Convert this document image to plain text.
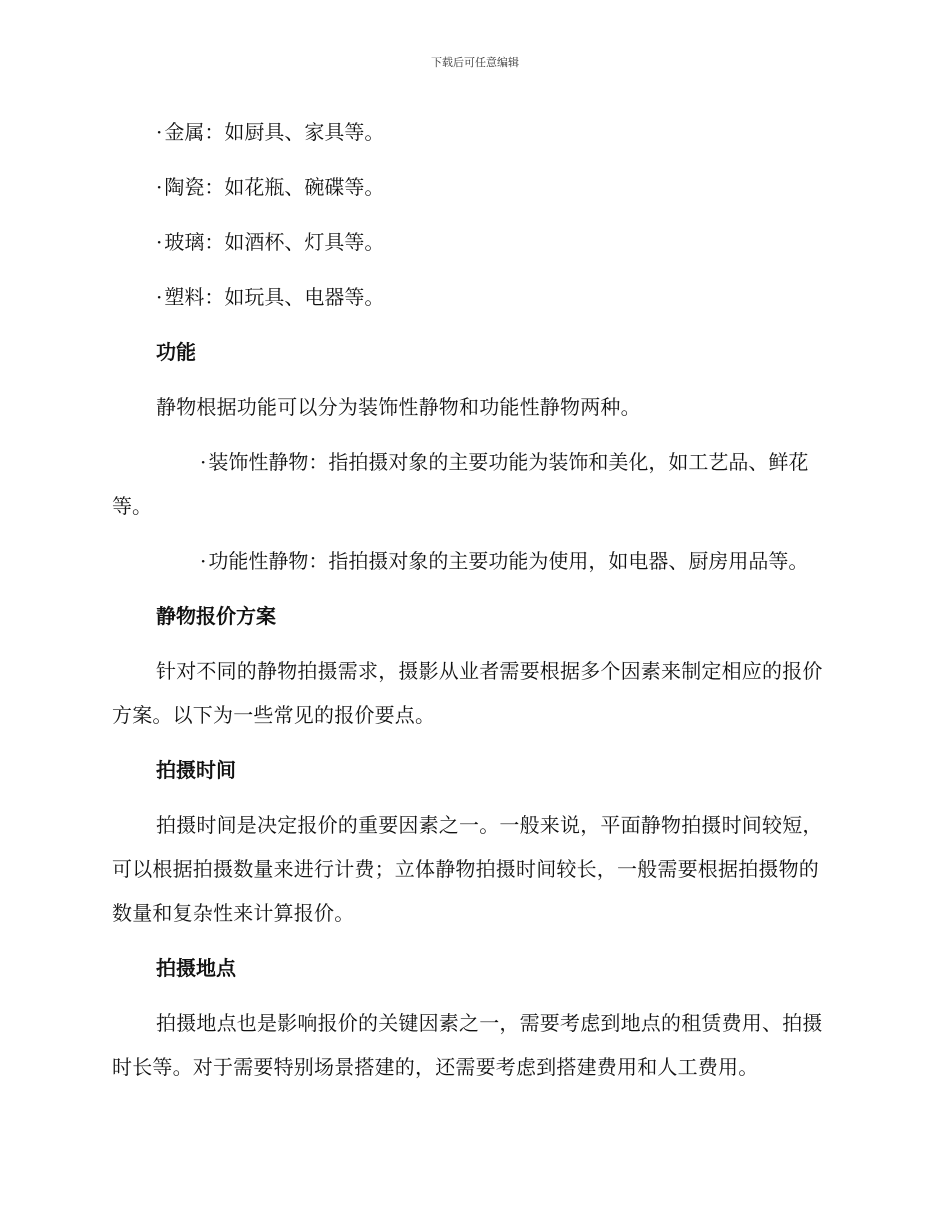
下载后可任意编辑
· 金属：如厨具、家具等。
· 陶瓷：如花瓶、碗碟等。
· 玻璃：如酒杯、灯具等。
· 塑料：如玩具、电器等。
功能
静物根据功能可以分为装饰性静物和功能性静物两种。
· 装饰性静物：指拍摄对象的主要功能为装饰和美化，如工艺品、鲜花等。
· 功能性静物：指拍摄对象的主要功能为使用，如电器、厨房用品等。
静物报价方案
针对不同的静物拍摄需求，摄影从业者需要根据多个因素来制定相应的报价方案。以下为一些常见的报价要点。
拍摄时间
拍摄时间是决定报价的重要因素之一。一般来说，平面静物拍摄时间较短，可以根据拍摄数量来进行计费；立体静物拍摄时间较长，一般需要根据拍摄物的数量和复杂性来计算报价。
拍摄地点
拍摄地点也是影响报价的关键因素之一，需要考虑到地点的租赁费用、拍摄时长等。对于需要特别场景搭建的，还需要考虑到搭建费用和人工费用。
